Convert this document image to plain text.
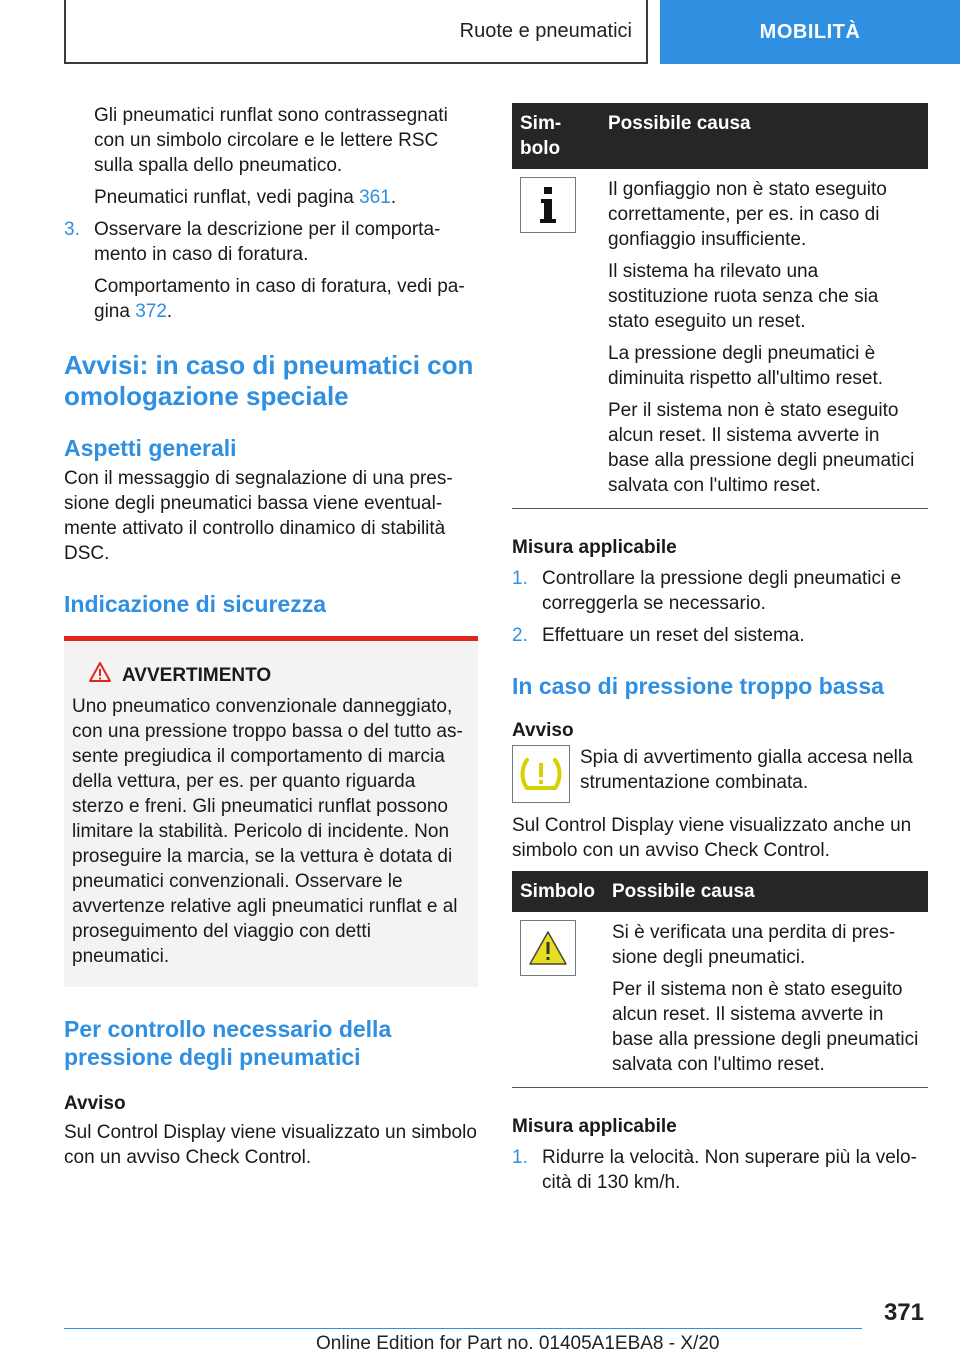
Ruote e pneumatici	MOBILITÀ

Gli pneumatici runflat sono contrassegnati con un simbolo circolare e le lettere RSC sulla spalla dello pneumatico.

Pneumatici runflat, vedi pagina 361.

3. Osservare la descrizione per il comportamento in caso di foratura.

Comportamento in caso di foratura, vedi pagina 372.

Avvisi: in caso di pneumatici con omologazione speciale
Aspetti generali

Con il messaggio di segnalazione di una pressione degli pneumatici bassa viene eventualmente attivato il controllo dinamico di stabilità DSC.

Indicazione di sicurezza
AVVERTIMENTO

Uno pneumatico convenzionale danneggiato, con una pressione troppo bassa o del tutto assente pregiudica il comportamento di marcia della vettura, per es. per quanto riguarda sterzo e freni. Gli pneumatici runflat possono limitare la stabilità. Pericolo di incidente. Non proseguire la marcia, se la vettura è dotata di pneumatici convenzionali. Osservare le avvertenze relative agli pneumatici runflat e al proseguimento del viaggio con detti pneumatici.

Per controllo necessario della pressione degli pneumatici
Avviso

Sul Control Display viene visualizzato un simbolo con un avviso Check Control.

Simbolo	Possibile causa

Il gonfiaggio non è stato eseguito correttamente, per es. in caso di gonfiaggio insufficiente.

Il sistema ha rilevato una sostituzione ruota senza che sia stato eseguito un reset.

La pressione degli pneumatici è diminuita rispetto all'ultimo reset.

Per il sistema non è stato eseguito alcun reset. Il sistema avverte in base alla pressione degli pneumatici salvata con l'ultimo reset.

Misura applicabile
1. Controllare la pressione degli pneumatici e correggerla se necessario.
2. Effettuare un reset del sistema.
In caso di pressione troppo bassa
Avviso

Spia di avvertimento gialla accesa nella strumentazione combinata.

Sul Control Display viene visualizzato anche un simbolo con un avviso Check Control.

Simbolo	Possibile causa

Si è verificata una perdita di pressione degli pneumatici.

Per il sistema non è stato eseguito alcun reset. Il sistema avverte in base alla pressione degli pneumatici salvata con l'ultimo reset.

Misura applicabile
1. Ridurre la velocità. Non superare più la velocità di 130 km/h.
371
Online Edition for Part no. 01405A1EBA8 - X/20
